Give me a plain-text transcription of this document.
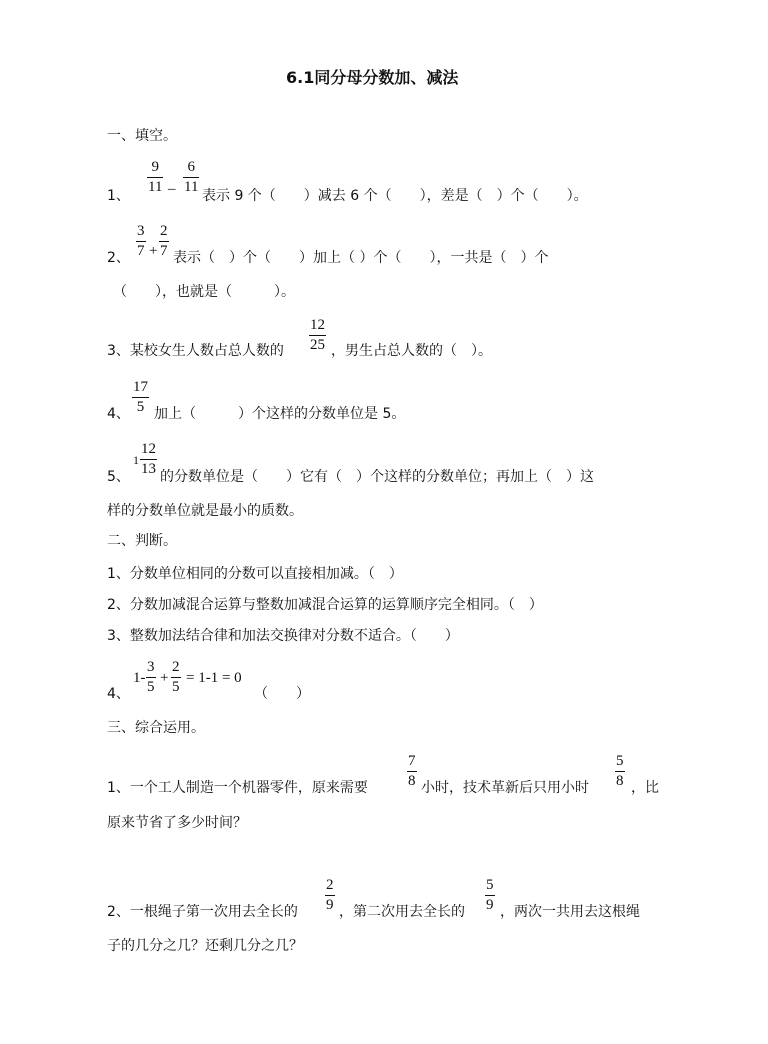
6.1同分母分数加、减法
一、填空。
1、
9
11 –
6
11
表示 9 个（　　）减去 6 个（　　），差是（　）个（　　）。
2、
3
7 +
2
7 表示（　）个（　　）加上（ ）个（　　），一共是（　）个
（　　），也就是（　　　）。
3、某校女生人数占总人数的
12
25 ，男生占总人数的（　）。
4、
17
5 加上（　　　）个这样的分数单位是 5。
5、
1
12
13 的分数单位是（　　）它有（　）个这样的分数单位；再加上（　）这
样的分数单位就是最小的质数。
二、判断。
1、分数单位相同的分数可以直接相加减。（　）
2、分数加减混合运算与整数加减混合运算的运算顺序完全相同。（　）
3、整数加法结合律和加法交换律对分数不适合。（　　）
4、
1-
3
5
+
2
5
= 1-1 = 0
（　　）
三、综合运用。
1、一个工人制造一个机器零件，原来需要
7
8 小时，技术革新后只用小时
5
8 ，比
原来节省了多少时间？
2、一根绳子第一次用去全长的
2
9 ，第二次用去全长的
5
9 ，两次一共用去这根绳
子的几分之几？还剩几分之几？
